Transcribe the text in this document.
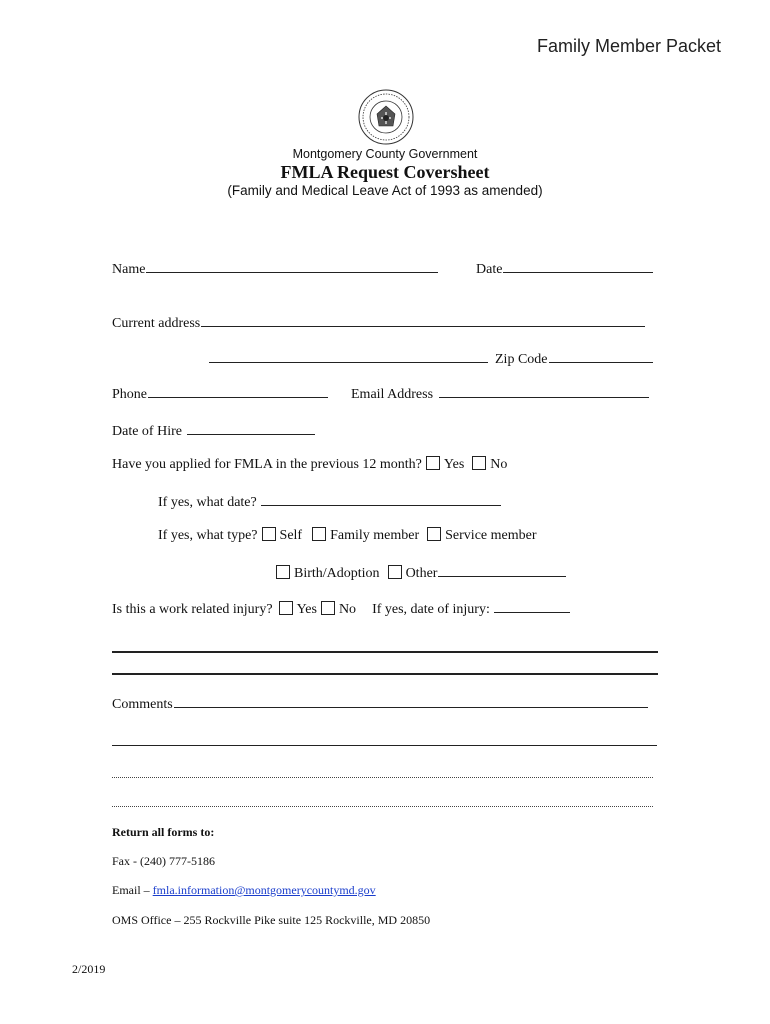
Family Member Packet
Montgomery County Government
FMLA Request Coversheet
(Family and Medical Leave Act of 1993 as amended)
Name	Date
Current address
Zip Code
Phone	Email Address
Date of Hire
Have you applied for FMLA in the previous 12 month? Yes No
If yes, what date?
If yes, what type? Self Family member Service member
Birth/Adoption Other
Is this a work related injury? Yes No If yes, date of injury:
Comments
Return all forms to:
Fax - (240) 777-5186
Email – fmla.information@montgomerycountymd.gov
OMS Office – 255 Rockville Pike suite 125 Rockville, MD 20850
2/2019
